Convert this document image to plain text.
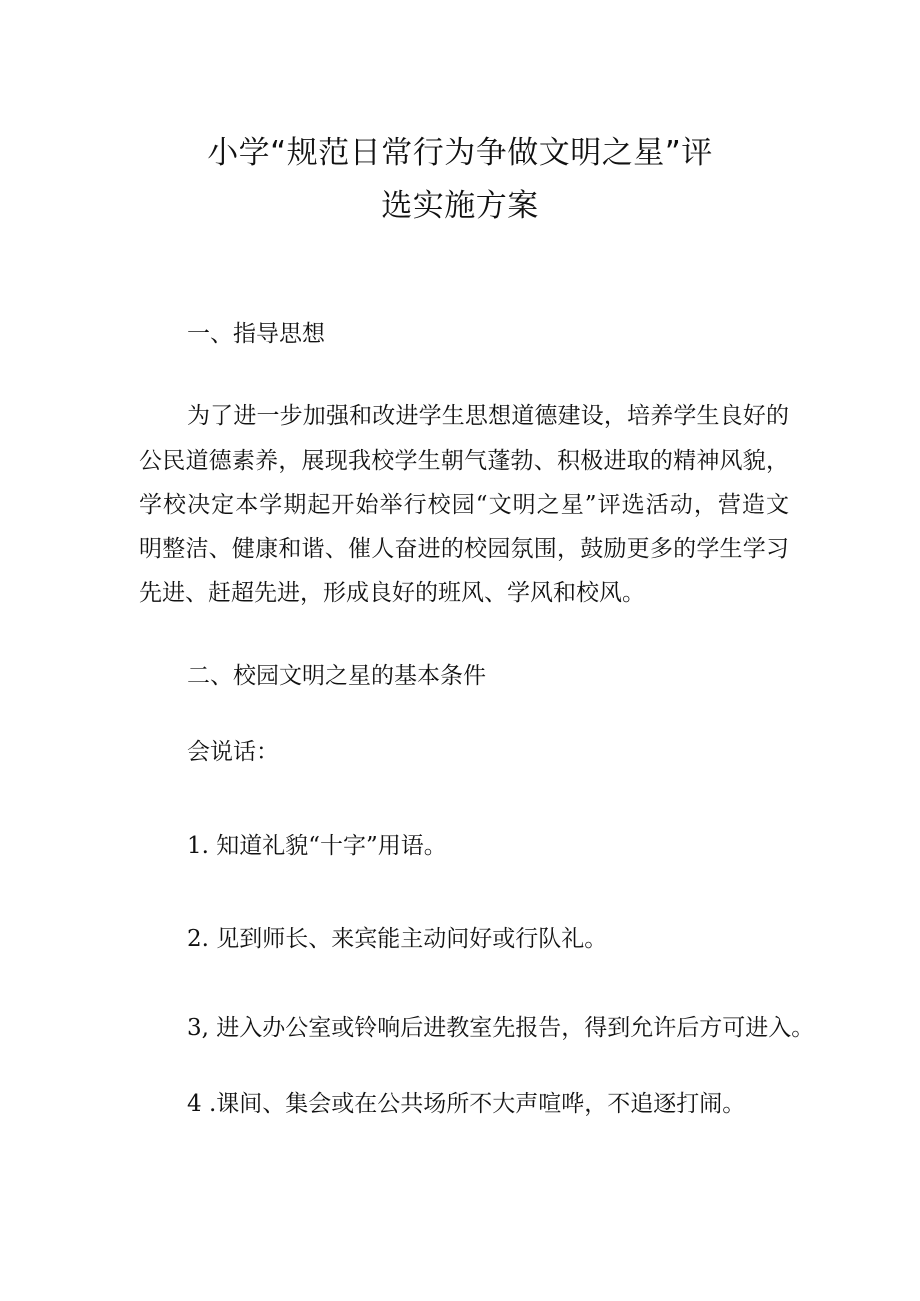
小学“规范日常行为争做文明之星”评
选实施方案
一、指导思想
为了进一步加强和改进学生思想道德建设，培养学生良好的
公民道德素养，展现我校学生朝气蓬勃、积极进取的精神风貌，
学校决定本学期起开始举行校园“文明之星”评选活动，营造文
明整洁、健康和谐、催人奋进的校园氛围，鼓励更多的学生学习
先进、赶超先进，形成良好的班风、学风和校风。
二、校园文明之星的基本条件
会说话：
1. 知道礼貌“十字”用语。
2. 见到师长、来宾能主动问好或行队礼。
3, 进入办公室或铃响后进教室先报告，得到允许后方可进入。
4 .课间、集会或在公共场所不大声喧哗，不追逐打闹。
